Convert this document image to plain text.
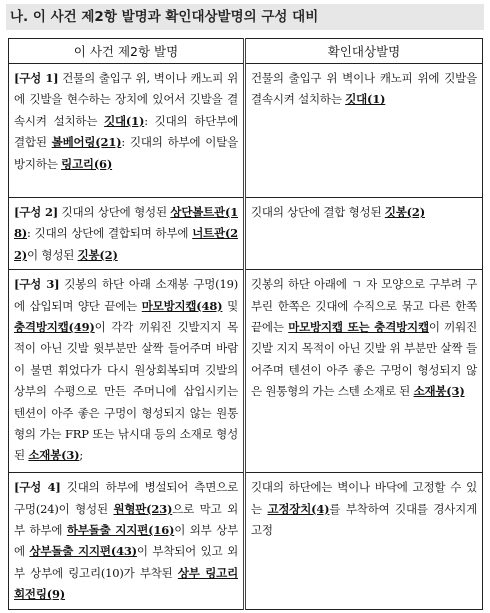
나. 이 사건 제2항 발명과 확인대상발명의 구성 대비
이 사건 제2항 발명	확인대상발명
[구성 1] 건물의 출입구 위, 벽이나 캐노피 위에 깃발을 현수하는 장치에 있어서 깃발을 결속시켜 설치하는 깃대(1): 깃대의 하단부에 결합된 볼베어링(21): 깃대의 하부에 이탈을 방지하는 링고리(6)	건물의 출입구 위 벽이나 캐노피 위에 깃발을 결속시켜 설치하는 깃대(1)
[구성 2] 깃대의 상단에 형성된 상단볼트관(18): 깃대의 상단에 결합되며 하부에 너트관(22)이 형성된 깃봉(2)	깃대의 상단에 결합 형성된 깃봉(2)
[구성 3] 깃봉의 하단 아래 소재봉 구멍(19)에 삽입되며 양단 끝에는 마모방지캡(48) 및 충격방지캡(49)이 각각 끼워진 깃발지지 목적이 아닌 깃발 윗부분만 살짝 들어주며 바람이 불면 휘었다가 다시 원상회복되며 깃발의 상부의 수평으로 만든 주머니에 삽입시키는 텐션이 아주 좋은 구멍이 형성되지 않는 원통형의 가는 FRP 또는 낚시대 등의 소재로 형성된 소재봉(3);	깃봉의 하단 아래에 ㄱ 자 모양으로 구부려 구부린 한쪽은 깃대에 수직으로 묶고 다른 한쪽 끝에는 마모방지캡 또는 충격방지캡이 끼워진 깃발 지지 목적이 아닌 깃발 위 부분만 살짝 들어주며 텐션이 아주 좋은 구멍이 형성되지 않은 원통형의 가는 스텐 소재로 된 소재봉(3)
[구성 4] 깃대의 하부에 병설되어 측면으로 구멍(24)이 형성된 원형판(23)으로 막고 외부 하부에 하부돌출 지지편(16)이 외부 상부에 상부돌출 지지편(43)이 부착되어 있고 외부 상부에 링고리(10)가 부착된 상부 링고리 회전링(9)	깃대의 하단에는 벽이나 바닥에 고정할 수 있는 고정장치(4)를 부착하여 깃대를 경사지게 고정
